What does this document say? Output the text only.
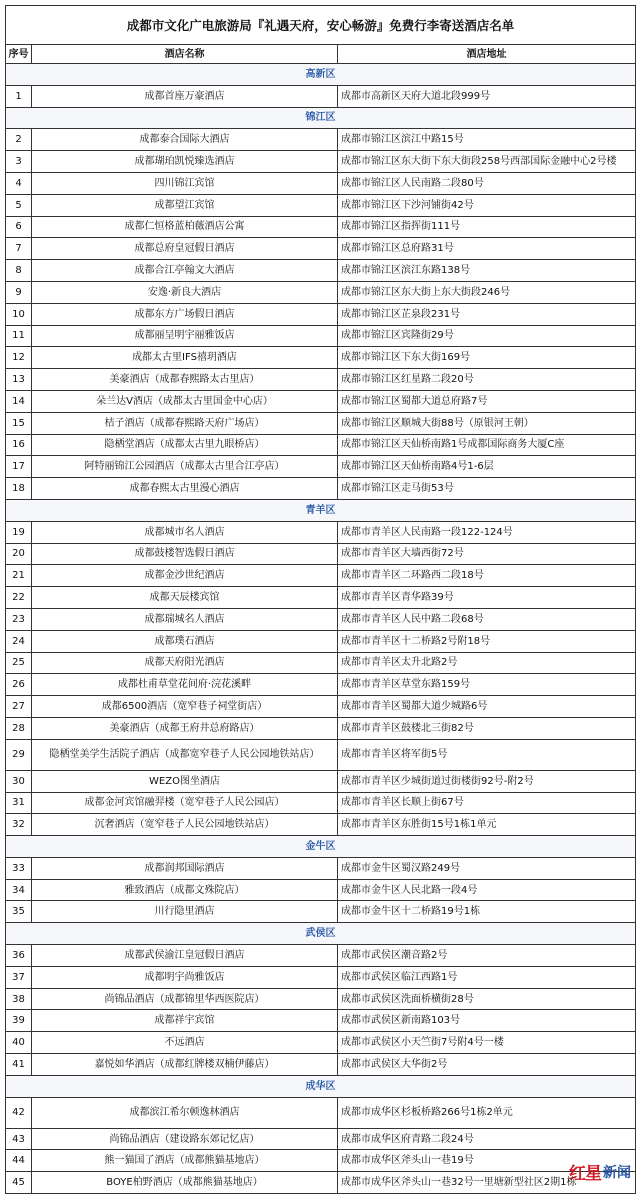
成都市文化广电旅游局『礼遇天府，安心畅游』免费行李寄送酒店名单		
序号	酒店名称	酒店地址
高新区		
1	成都首座万豪酒店	成都市高新区天府大道北段999号
锦江区		
2	成都泰合国际大酒店	成都市锦江区滨江中路15号
3	成都瑚珀凯悦臻选酒店	成都市锦江区东大街下东大街段258号西部国际金融中心2号楼
4	四川锦江宾馆	成都市锦江区人民南路二段80号
5	成都望江宾馆	成都市锦江区下沙河铺街42号
6	成都仁恒格蓝柏薇酒店公寓	成都市锦江区指挥街111号
7	成都总府皇冠假日酒店	成都市锦江区总府路31号
8	成都合江亭翰文大酒店	成都市锦江区滨江东路138号
9	安逸·新良大酒店	成都市锦江区东大街上东大街段246号
10	成都东方广场假日酒店	成都市锦江区芷泉段231号
11	成都丽呈明宇丽雅饭店	成都市锦江区宾隆街29号
12	成都太古里IFS禧玥酒店	成都市锦江区下东大街169号
13	美豪酒店（成都春熙路太古里店）	成都市锦江区红星路二段20号
14	朵兰达V酒店（成都太古里国金中心店）	成都市锦江区蜀都大道总府路7号
15	桔子酒店（成都春熙路天府广场店）	成都市锦江区顺城大街88号（原银河王朝）
16	隐栖堂酒店（成都太古里九眼桥店）	成都市锦江区天仙桥南路1号成都国际商务大厦C座
17	阿特丽锦江公园酒店（成都太古里合江亭店）	成都市锦江区天仙桥南路4号1-6层
18	成都春熙太古里漫心酒店	成都市锦江区走马街53号
青羊区		
19	成都城市名人酒店	成都市青羊区人民南路一段122-124号
20	成都鼓楼智选假日酒店	成都市青羊区大墙西街72号
21	成都金沙世纪酒店	成都市青羊区二环路西二段18号
22	成都天辰楼宾馆	成都市青羊区青华路39号
23	成都瑞城名人酒店	成都市青羊区人民中路二段68号
24	成都璞石酒店	成都市青羊区十二桥路2号附18号
25	成都天府阳光酒店	成都市青羊区太升北路2号
26	成都杜甫草堂花间府·浣花溪畔	成都市青羊区草堂东路159号
27	成都6500酒店（宽窄巷子祠堂街店）	成都市青羊区蜀都大道少城路6号
28	美豪酒店（成都王府井总府路店）	成都市青羊区鼓楼北三街82号
29	隐栖堂美学生活院子酒店（成都宽窄巷子人民公园地铁站店）	成都市青羊区将军街5号
30	WEZO图坐酒店	成都市青羊区少城街道过街楼街92号-附2号
31	成都金河宾馆融羿楼（宽窄巷子人民公园店）	成都市青羊区长顺上街67号
32	沉奢酒店（宽窄巷子人民公园地铁站店）	成都市青羊区东胜街15号1栋1单元
金牛区		
33	成都润邦国际酒店	成都市金牛区蜀汉路249号
34	雅致酒店（成都文殊院店）	成都市金牛区人民北路一段4号
35	川行隐里酒店	成都市金牛区十二桥路19号1栋
武侯区		
36	成都武侯渝江皇冠假日酒店	成都市武侯区潮音路2号
37	成都明宇尚雅饭店	成都市武侯区临江西路1号
38	尚锦品酒店（成都锦里华西医院店）	成都市武侯区洗面桥横街28号
39	成都祥宇宾馆	成都市武侯区新南路103号
40	不远酒店	成都市武侯区小天竺街7号附4号一楼
41	嘉悦如华酒店（成都红牌楼双楠伊藤店）	成都市武侯区大华街2号
成华区		
42	成都滨江希尔顿逸林酒店	成都市成华区杉板桥路266号1栋2单元
43	尚锦品酒店（建设路东郊记忆店）	成都市成华区府青路二段24号
44	熊一猫国了酒店（成都熊猫基地店）	成都市成华区斧头山一巷19号
45	BOYE柏野酒店（成都熊猫基地店）	成都市成华区斧头山一巷32号一里塘新型社区2期1栋
红星 新闻
